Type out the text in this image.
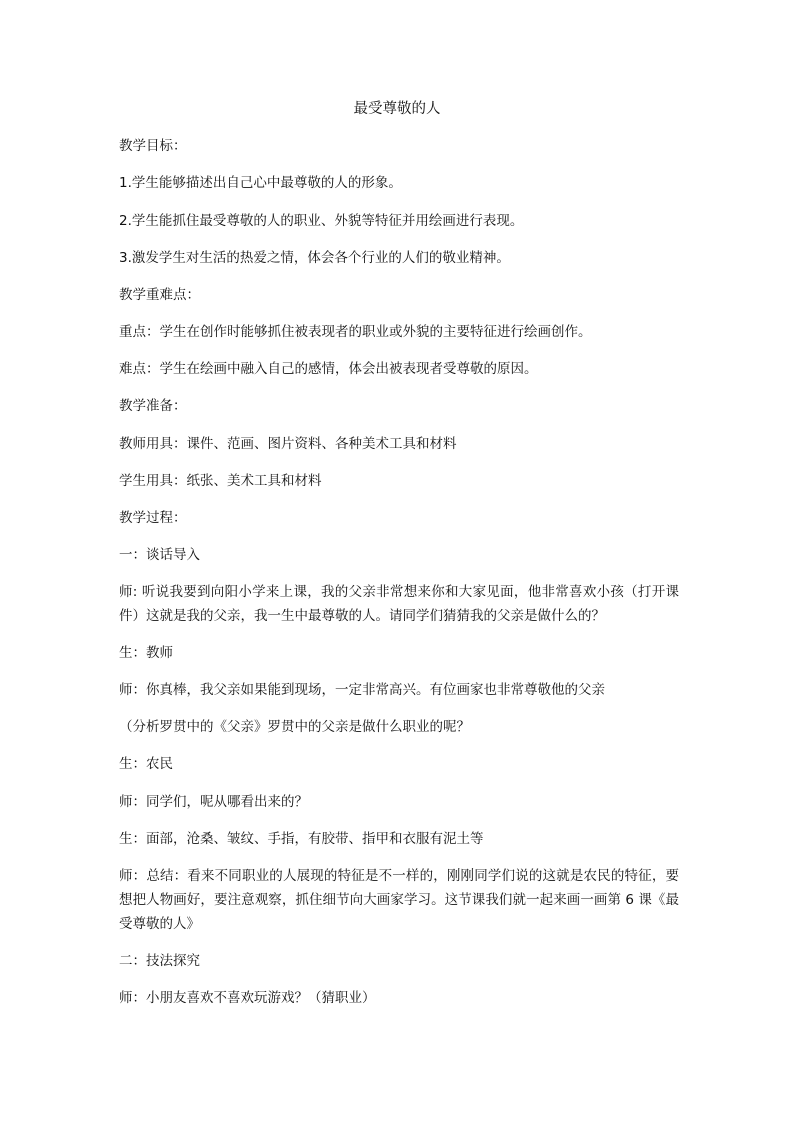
最受尊敬的人
教学目标：
1.学生能够描述出自己心中最尊敬的人的形象。
2.学生能抓住最受尊敬的人的职业、外貌等特征并用绘画进行表现。
3.激发学生对生活的热爱之情，体会各个行业的人们的敬业精神。
教学重难点：
重点：学生在创作时能够抓住被表现者的职业或外貌的主要特征进行绘画创作。
难点：学生在绘画中融入自己的感情，体会出被表现者受尊敬的原因。
教学准备：
教师用具：课件、范画、图片资料、各种美术工具和材料
学生用具：纸张、美术工具和材料
教学过程：
一：谈话导入
师: 听说我要到向阳小学来上课，我的父亲非常想来你和大家见面，他非常喜欢小孩（打开课件）这就是我的父亲，我一生中最尊敬的人。请同学们猜猜我的父亲是做什么的？
生：教师
师：你真棒，我父亲如果能到现场，一定非常高兴。有位画家也非常尊敬他的父亲
（分析罗贯中的《父亲》罗贯中的父亲是做什么职业的呢？
生：农民
师：同学们，呢从哪看出来的？
生：面部，沧桑、皱纹、手指，有胶带、指甲和衣服有泥土等
师：总结：看来不同职业的人展现的特征是不一样的，刚刚同学们说的这就是农民的特征，要想把人物画好，要注意观察，抓住细节向大画家学习。这节课我们就一起来画一画第 6 课《最受尊敬的人》
二：技法探究
师：小朋友喜欢不喜欢玩游戏？（猜职业）
